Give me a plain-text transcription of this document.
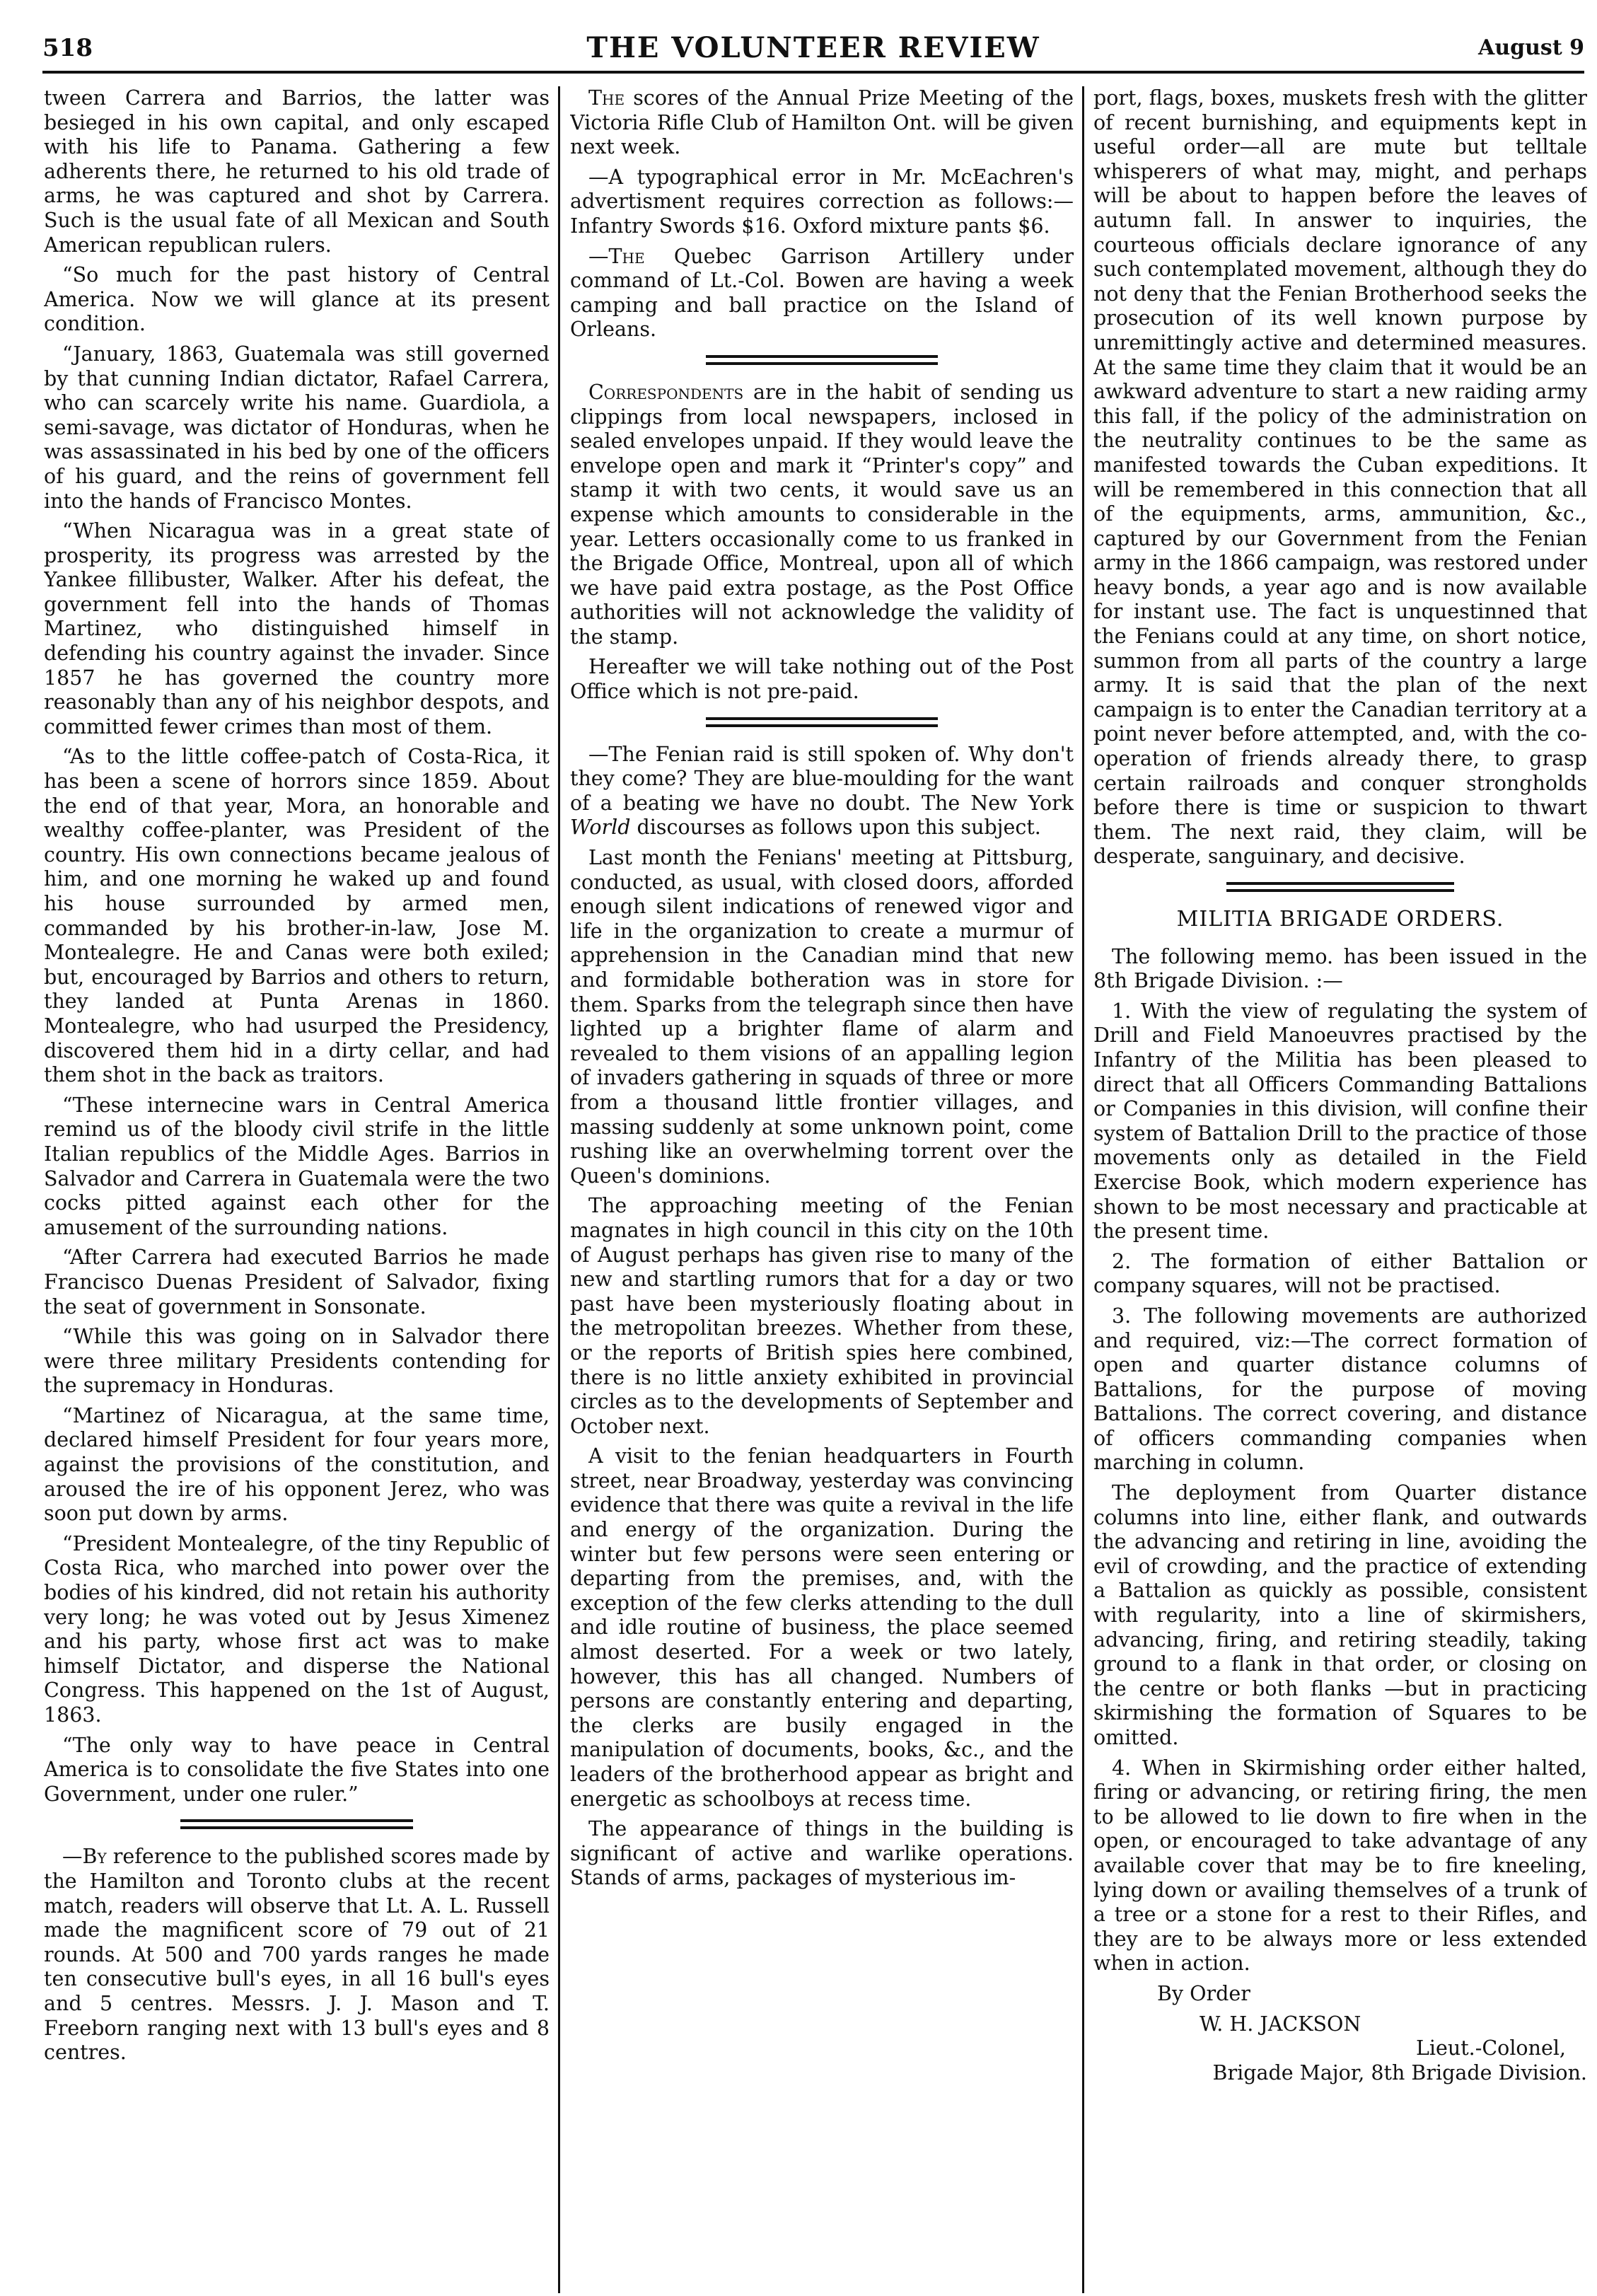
518	THE VOLUNTEER REVIEW	August 9

tween Carrera and Barrios, the latter was besieged in his own capital, and only escaped with his life to Panama. Gathering a few adherents there, he returned to his old trade of arms, he was captured and shot by Carrera. Such is the usual fate of all Mexican and South American republican rulers.

“So much for the past history of Central America. Now we will glance at its present condition.

“January, 1863, Guatemala was still governed by that cunning Indian dictator, Rafael Carrera, who can scarcely write his name. Guardiola, a semi-savage, was dictator of Honduras, when he was assassinated in his bed by one of the officers of his guard, and the reins of government fell into the hands of Francisco Montes.

“When Nicaragua was in a great state of prosperity, its progress was arrested by the Yankee fillibuster, Walker. After his defeat, the government fell into the hands of Thomas Martinez, who distinguished himself in defending his country against the invader. Since 1857 he has governed the country more reasonably than any of his neighbor despots, and committed fewer crimes than most of them.

“As to the little coffee-patch of Costa-Rica, it has been a scene of horrors since 1859. About the end of that year, Mora, an honorable and wealthy coffee-planter, was President of the country. His own connections became jealous of him, and one morning he waked up and found his house surrounded by armed men, commanded by his brother-in-law, Jose M. Montealegre. He and Canas were both exiled; but, encouraged by Barrios and others to return, they landed at Punta Arenas in 1860. Montealegre, who had usurped the Presidency, discovered them hid in a dirty cellar, and had them shot in the back as traitors.

“These internecine wars in Central America remind us of the bloody civil strife in the little Italian republics of the Middle Ages. Barrios in Salvador and Carrera in Guatemala were the two cocks pitted against each other for the amusement of the surrounding nations.

“After Carrera had executed Barrios he made Francisco Duenas President of Salvador, fixing the seat of government in Sonsonate.

“While this was going on in Salvador there were three military Presidents contending for the supremacy in Honduras.

“Martinez of Nicaragua, at the same time, declared himself President for four years more, against the provisions of the constitution, and aroused the ire of his opponent Jerez, who was soon put down by arms.

“President Montealegre, of the tiny Republic of Costa Rica, who marched into power over the bodies of his kindred, did not retain his authority very long; he was voted out by Jesus Ximenez and his party, whose first act was to make himself Dictator, and disperse the National Congress. This happened on the 1st of August, 1863.

“The only way to have peace in Central America is to consolidate the five States into one Government, under one ruler.”

—By reference to the published scores made by the Hamilton and Toronto clubs at the recent match, readers will observe that Lt. A. L. Russell made the magnificent score of 79 out of 21 rounds. At 500 and 700 yards ranges he made ten consecutive bull's eyes, in all 16 bull's eyes and 5 centres. Messrs. J. J. Mason and T. Freeborn ranging next with 13 bull's eyes and 8 centres.

The scores of the Annual Prize Meeting of the Victoria Rifle Club of Hamilton Ont. will be given next week.

—A typographical error in Mr. McEachren's advertisment requires correction as follows:—Infantry Swords $16. Oxford mixture pants $6.

—The Quebec Garrison Artillery under command of Lt.-Col. Bowen are having a week camping and ball practice on the Island of Orleans.

Correspondents are in the habit of sending us clippings from local newspapers, inclosed in sealed envelopes unpaid. If they would leave the envelope open and mark it “Printer's copy” and stamp it with two cents, it would save us an expense which amounts to considerable in the year. Letters occasionally come to us franked in the Brigade Office, Montreal, upon all of which we have paid extra postage, as the Post Office authorities will not acknowledge the validity of the stamp.

Hereafter we will take nothing out of the Post Office which is not pre-paid.

—The Fenian raid is still spoken of. Why don't they come? They are blue-moulding for the want of a beating we have no doubt. The New York World discourses as follows upon this subject.

Last month the Fenians' meeting at Pittsburg, conducted, as usual, with closed doors, afforded enough silent indications of renewed vigor and life in the organization to create a murmur of apprehension in the Canadian mind that new and formidable botheration was in store for them. Sparks from the telegraph since then have lighted up a brighter flame of alarm and revealed to them visions of an appalling legion of invaders gathering in squads of three or more from a thousand little frontier villages, and massing suddenly at some unknown point, come rushing like an overwhelming torrent over the Queen's dominions.

The approaching meeting of the Fenian magnates in high council in this city on the 10th of August perhaps has given rise to many of the new and startling rumors that for a day or two past have been mysteriously floating about in the metropolitan breezes. Whether from these, or the reports of British spies here combined, there is no little anxiety exhibited in provincial circles as to the developments of September and October next.

A visit to the fenian headquarters in Fourth street, near Broadway, yesterday was convincing evidence that there was quite a revival in the life and energy of the organization. During the winter but few persons were seen entering or departing from the premises, and, with the exception of the few clerks attending to the dull and idle routine of business, the place seemed almost deserted. For a week or two lately, however, this has all changed. Numbers of persons are constantly entering and departing, the clerks are busily engaged in the manipulation of documents, books, &c., and the leaders of the brotherhood appear as bright and energetic as schoolboys at recess time.

The appearance of things in the building is significant of active and warlike operations. Stands of arms, packages of mysterious im-

port, flags, boxes, muskets fresh with the glitter of recent burnishing, and equipments kept in useful order—all are mute but telltale whisperers of what may, might, and perhaps will be about to happen before the leaves of autumn fall. In answer to inquiries, the courteous officials declare ignorance of any such contemplated movement, although they do not deny that the Fenian Brotherhood seeks the prosecution of its well known purpose by unremittingly active and determined measures. At the same time they claim that it would be an awkward adventure to start a new raiding army this fall, if the policy of the administration on the neutrality continues to be the same as manifested towards the Cuban expeditions. It will be remembered in this connection that all of the equipments, arms, ammunition, &c., captured by our Government from the Fenian army in the 1866 campaign, was restored under heavy bonds, a year ago and is now available for instant use. The fact is unquestinned that the Fenians could at any time, on short notice, summon from all parts of the country a large army. It is said that the plan of the next campaign is to enter the Canadian territory at a point never before attempted, and, with the co-operation of friends already there, to grasp certain railroads and conquer strongholds before there is time or suspicion to thwart them. The next raid, they claim, will be desperate, sanguinary, and decisive.

MILITIA BRIGADE ORDERS.

The following memo. has been issued in the 8th Brigade Division. :—

1. With the view of regulating the system of Drill and Field Manoeuvres practised by the Infantry of the Militia has been pleased to direct that all Officers Commanding Battalions or Companies in this division, will confine their system of Battalion Drill to the practice of those movements only as detailed in the Field Exercise Book, which modern experience has shown to be most necessary and practicable at the present time.

2. The formation of either Battalion or company squares, will not be practised.

3. The following movements are authorized and required, viz:—The correct formation of open and quarter distance columns of Battalions, for the purpose of moving Battalions. The correct covering, and distance of officers commanding companies when marching in column.

The deployment from Quarter distance columns into line, either flank, and outwards the advancing and retiring in line, avoiding the evil of crowding, and the practice of extending a Battalion as quickly as possible, consistent with regularity, into a line of skirmishers, advancing, firing, and retiring steadily, taking ground to a flank in that order, or closing on the centre or both flanks —but in practicing skirmishing the formation of Squares to be omitted.

4. When in Skirmishing order either halted, firing or advancing, or retiring firing, the men to be allowed to lie down to fire when in the open, or encouraged to take advantage of any available cover that may be to fire kneeling, lying down or availing themselves of a trunk of a tree or a stone for a rest to their Rifles, and they are to be always more or less extended when in action.

By Order

W. H. JACKSON

Lieut.-Colonel,

Brigade Major, 8th Brigade Division.
